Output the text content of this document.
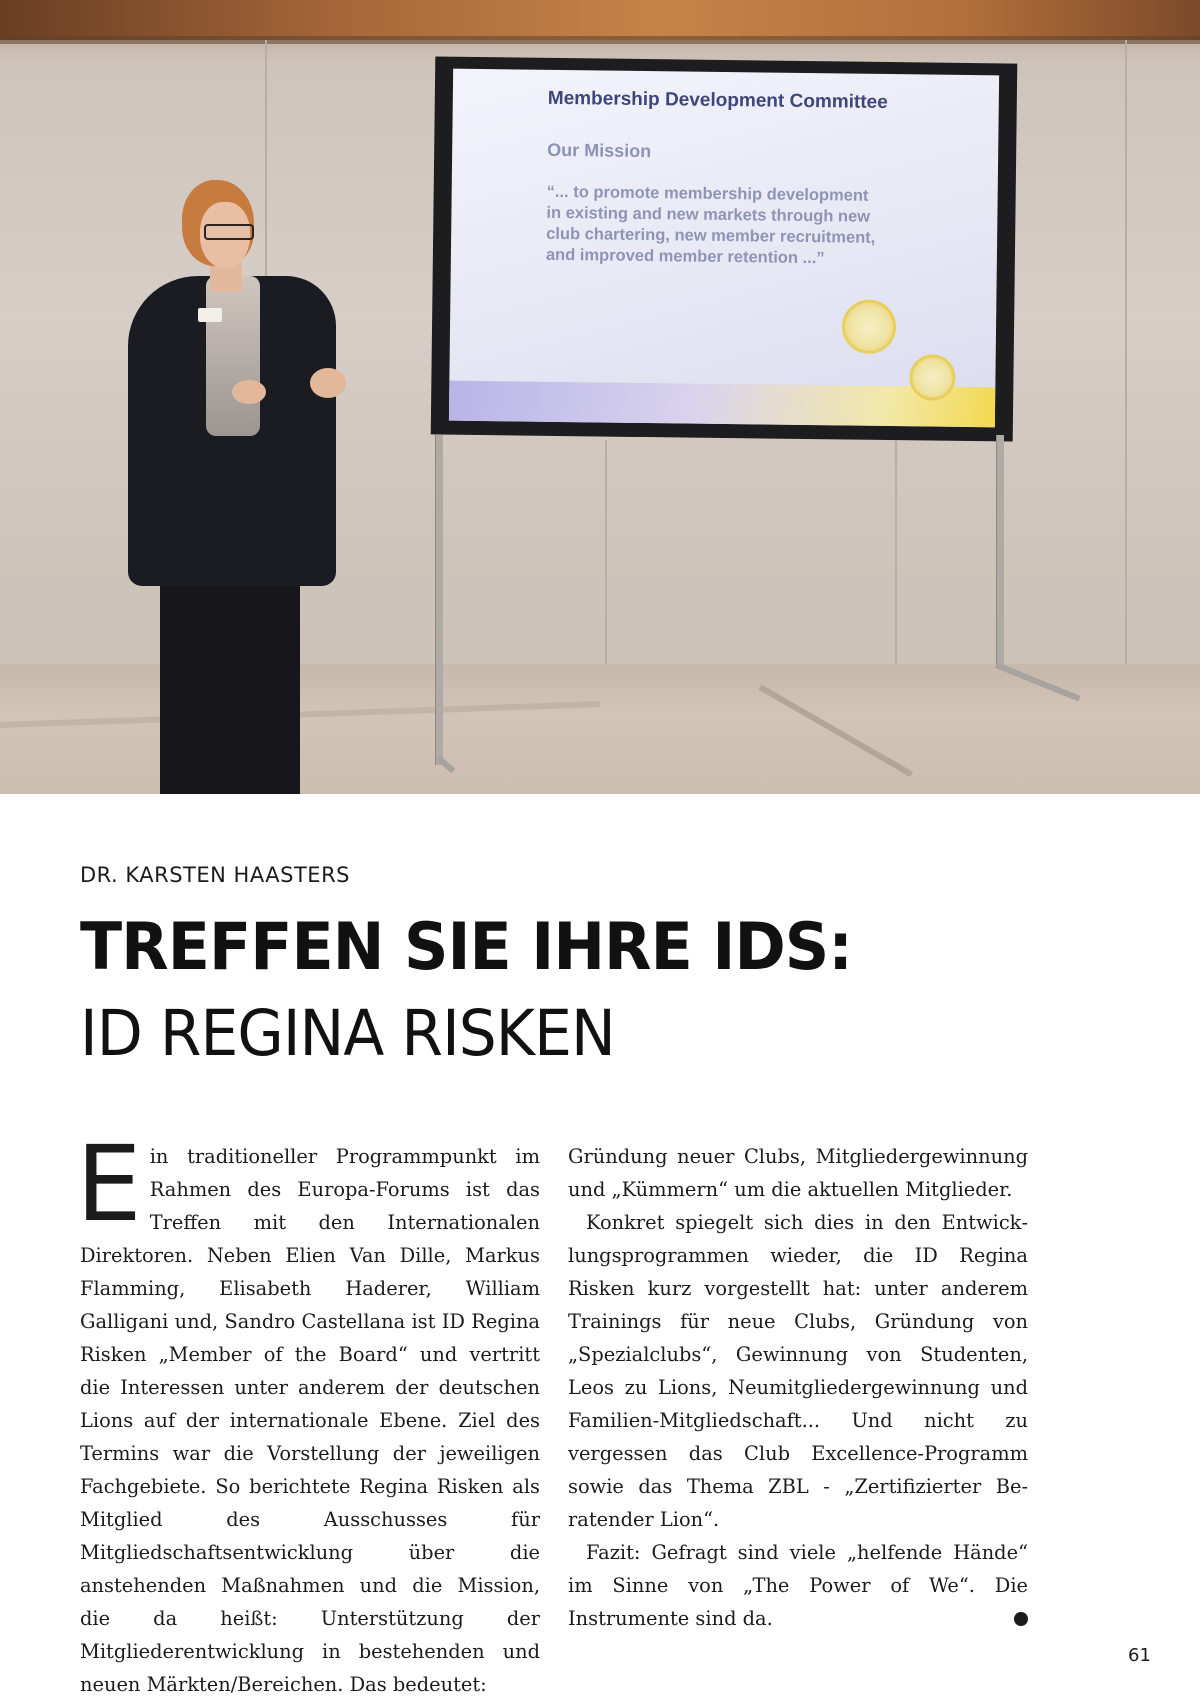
Membership Development Committee
Our Mission
“... to promote membership development
in existing and new markets through new
club chartering, new member recruitment,
and improved member retention ...”
DR. KARSTEN HAASTERS
TREFFEN SIE IHRE IDS:
ID REGINA RISKEN

Ein traditioneller Programmpunkt im Rahmen des Europa-Forums ist das Treffen mit den Internationalen Direktoren. Neben Elien Van Dille, Markus Flamming, Elisabeth Haderer, William Galligani und, Sandro Castellana ist ID Regina Risken „Member of the Board“ und vertritt die Interessen unter anderem der deutschen Lions auf der internationale Ebene. Ziel des Termins war die Vorstellung der jeweiligen Fachgebiete. So berichtete Regina Risken als Mitglied des Ausschusses für Mitgliedschaftsentwicklung über die anstehenden Maßnahmen und die Mission, die da heißt: Unterstützung der Mitgliederentwicklung in bestehenden und neuen Märkten/Bereichen. Das bedeutet:

Gründung neuer Clubs, Mitgliedergewinnung und „Kümmern“ um die aktuellen Mitglieder.

Konkret spiegelt sich dies in den Entwicklungsprogrammen wieder, die ID Regina Risken kurz vorgestellt hat: unter anderem Trainings für neue Clubs, Gründung von „Spezialclubs“, Gewinnung von Studenten, Leos zu Lions, Neumitgliedergewinnung und Familien-Mitgliedschaft... Und nicht zu vergessen das Club Excellence-Programm sowie das Thema ZBL - „Zertifizierter Beratender Lion“.

Fazit: Gefragt sind viele „helfende Hände“ im Sinne von „The Power of We“. Die Instrumente sind da.	L

61
